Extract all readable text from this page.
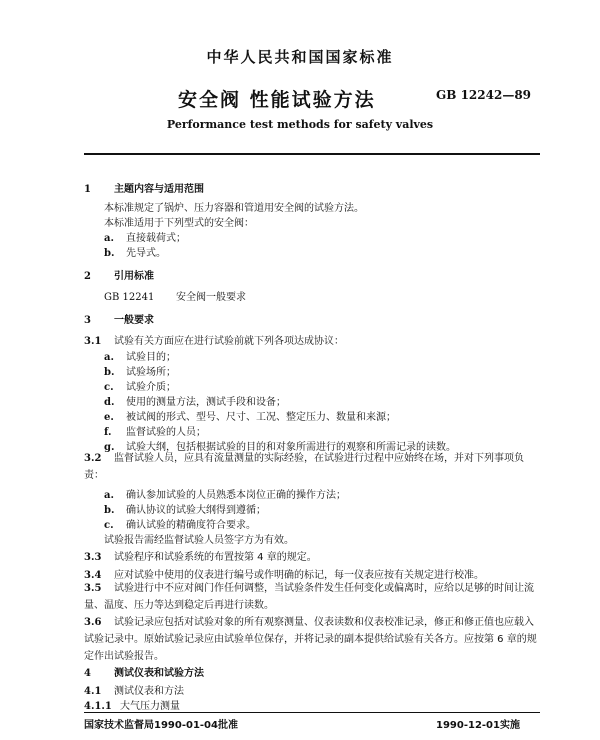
中华人民共和国国家标准
安全阀 性能试验方法	GB 12242—89
Performance test methods for safety valves
1 主题内容与适用范围
本标准规定了锅炉、压力容器和管道用安全阀的试验方法。
本标准适用于下列型式的安全阀：
a. 直接载荷式；
b. 先导式。
2 引用标准
GB 12241 安全阀一般要求
3 一般要求
3.1 试验有关方面应在进行试验前就下列各项达成协议：
a. 试验目的；
b. 试验场所；
c. 试验介质；
d. 使用的测量方法，测试手段和设备；
e. 被试阀的形式、型号、尺寸、工况、整定压力、数量和来源；
f. 监督试验的人员；
g. 试验大纲，包括根据试验的目的和对象所需进行的观察和所需记录的读数。
3.2 监督试验人员，应具有流量测量的实际经验，在试验进行过程中应始终在场，并对下列事项负责：
a. 确认参加试验的人员熟悉本岗位正确的操作方法；
b. 确认协议的试验大纲得到遵循；
c. 确认试验的精确度符合要求。
试验报告需经监督试验人员签字方为有效。
3.3 试验程序和试验系统的布置按第 4 章的规定。
3.4 应对试验中使用的仪表进行编号或作明确的标记，每一仪表应按有关规定进行校准。
3.5 试验进行中不应对阀门作任何调整，当试验条件发生任何变化或偏离时，应给以足够的时间让流量、温度、压力等达到稳定后再进行读数。
3.6 试验记录应包括对试验对象的所有观察测量、仪表读数和仪表校准记录，修正和修正值也应载入试验记录中。原始试验记录应由试验单位保存，并将记录的副本提供给试验有关各方。应按第 6 章的规定作出试验报告。
4 测试仪表和试验方法
4.1 测试仪表和方法
4.1.1 大气压力测量
国家技术监督局1990-01-04批准	1990-12-01实施
